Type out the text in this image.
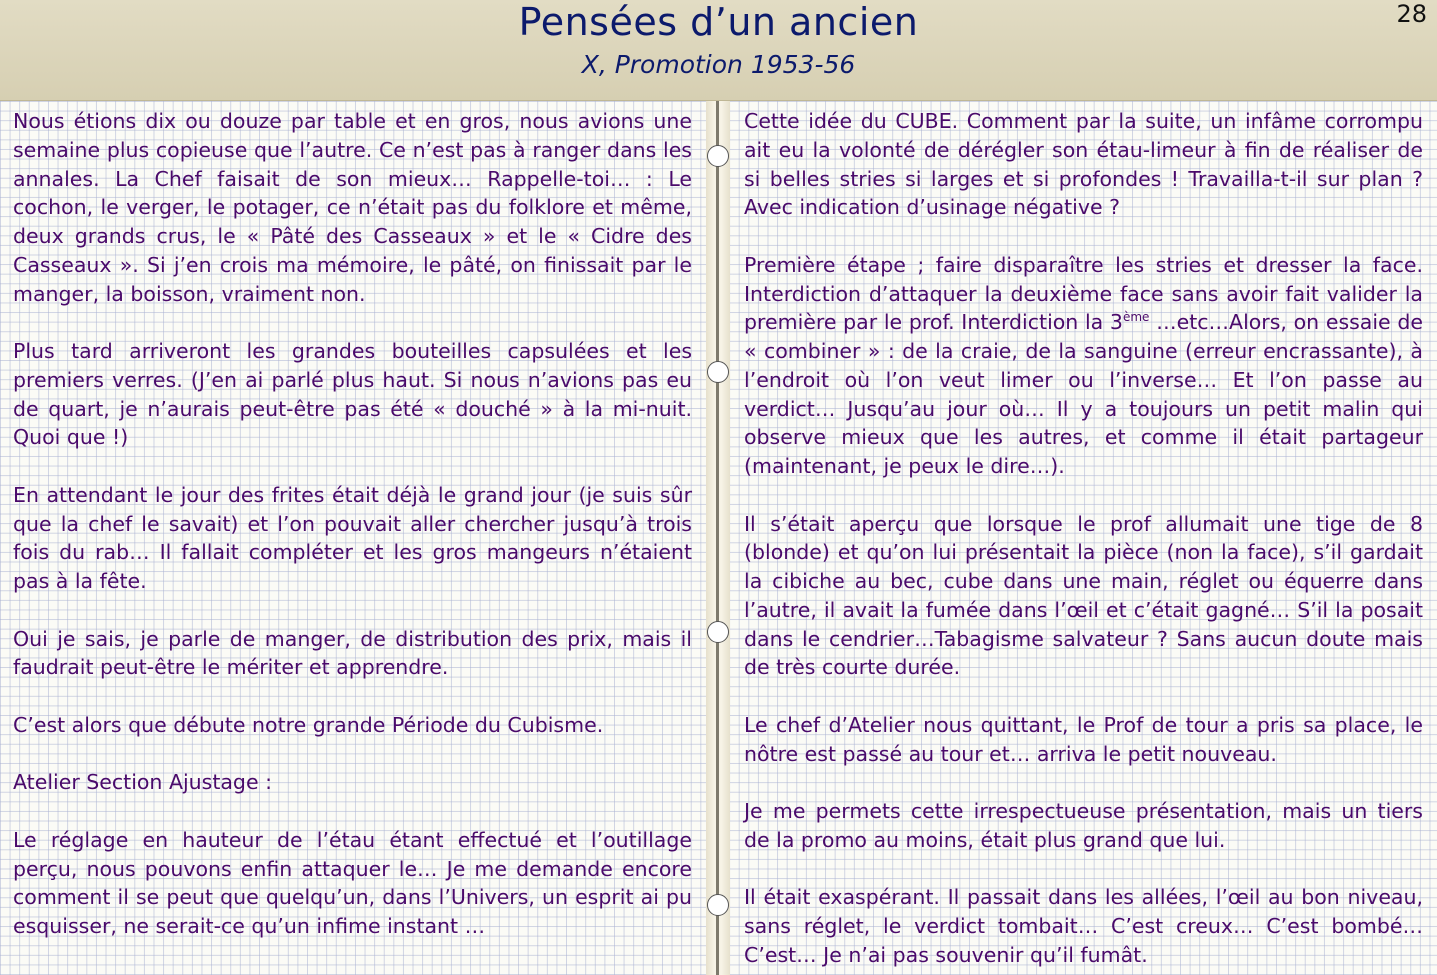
Pensées d’un ancien
X, Promotion 1953-56
28

Nous étions dix ou douze par table et en gros, nous avions une semaine plus copieuse que l’autre. Ce n’est pas à ranger dans les annales. La Chef faisait de son mieux… Rappelle-toi… : Le cochon, le verger, le potager, ce n’était pas du folklore et même, deux grands crus, le « Pâté des Casseaux » et le « Cidre des Casseaux ». Si j’en crois ma mémoire, le pâté, on finissait par le manger, la boisson, vraiment non.

Plus tard arriveront les grandes bouteilles capsulées et les premiers verres. (J’en ai parlé plus haut. Si nous n’avions pas eu de quart, je n’aurais peut-être pas été « douché » à la mi-nuit. Quoi que !)

En attendant le jour des frites était déjà le grand jour (je suis sûr que la chef le savait) et l’on pouvait aller chercher jusqu’à trois fois du rab… Il fallait compléter et les gros mangeurs n’étaient pas à la fête.

Oui je sais, je parle de manger, de distribution des prix, mais il faudrait peut-être le mériter et apprendre.

C’est alors que débute notre grande Période du Cubisme.

Atelier Section Ajustage :

Le réglage en hauteur de l’étau étant effectué et l’outillage perçu, nous pouvons enfin attaquer le… Je me demande encore comment il se peut que quelqu’un, dans l’Univers, un esprit ai pu esquisser, ne serait-ce qu’un infime instant …

Cette idée du CUBE. Comment par la suite, un infâme corrompu ait eu la volonté de dérégler son étau-limeur à fin de réaliser de si belles stries si larges et si profondes ! Travailla-t-il sur plan ? Avec indication d’usinage négative ?

Première étape ; faire disparaître les stries et dresser la face. Interdiction d’attaquer la deuxième face sans avoir fait valider la première par le prof. Interdiction la 3ème …etc…Alors, on essaie de « combiner » : de la craie, de la sanguine (erreur encrassante), à l’endroit où l’on veut limer ou l’inverse… Et l’on passe au verdict… Jusqu’au jour où… Il y a toujours un petit malin qui observe mieux que les autres, et comme il était partageur (maintenant, je peux le dire…).

Il s’était aperçu que lorsque le prof allumait une tige de 8 (blonde) et qu’on lui présentait la pièce (non la face), s’il gardait la cibiche au bec, cube dans une main, réglet ou équerre dans l’autre, il avait la fumée dans l’œil et c’était gagné… S’il la posait dans le cendrier…Tabagisme salvateur ? Sans aucun doute mais de très courte durée.

Le chef d’Atelier nous quittant, le Prof de tour a pris sa place, le nôtre est passé au tour et… arriva le petit nouveau.

Je me permets cette irrespectueuse présentation, mais un tiers de la promo au moins, était plus grand que lui.

Il était exaspérant. Il passait dans les allées, l’œil au bon niveau, sans réglet, le verdict tombait… C’est creux… C’est bombé… C’est… Je n’ai pas souvenir qu’il fumât.
